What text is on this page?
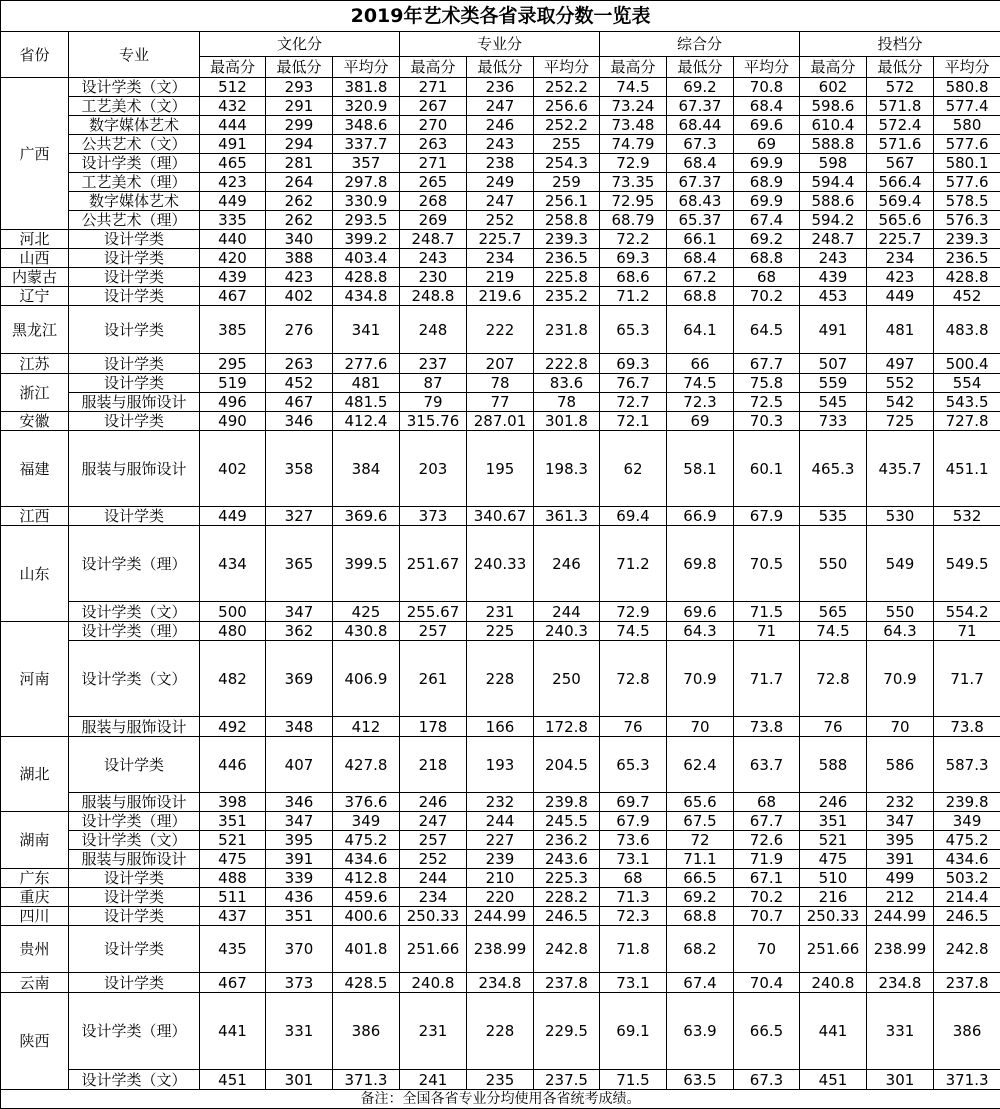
2019年艺术类各省录取分数一览表													
省份	专业	文化分			专业分			综合分			投档分		
		最高分	最低分	平均分	最高分	最低分	平均分	最高分	最低分	平均分	最高分	最低分	平均分
广西	设计学类（文）	512	293	381.8	271	236	252.2	74.5	69.2	70.8	602	572	580.8
	工艺美术（文）	432	291	320.9	267	247	256.6	73.24	67.37	68.4	598.6	571.8	577.4
	数字媒体艺术	444	299	348.6	270	246	252.2	73.48	68.44	69.6	610.4	572.4	580
	公共艺术（文）	491	294	337.7	263	243	255	74.79	67.3	69	588.8	571.6	577.6
	设计学类（理）	465	281	357	271	238	254.3	72.9	68.4	69.9	598	567	580.1
	工艺美术（理）	423	264	297.8	265	249	259	73.35	67.37	68.9	594.4	566.4	577.6
	数字媒体艺术	449	262	330.9	268	247	256.1	72.95	68.43	69.9	588.6	569.4	578.5
	公共艺术（理）	335	262	293.5	269	252	258.8	68.79	65.37	67.4	594.2	565.6	576.3
河北	设计学类	440	340	399.2	248.7	225.7	239.3	72.2	66.1	69.2	248.7	225.7	239.3
山西	设计学类	420	388	403.4	243	234	236.5	69.3	68.4	68.8	243	234	236.5
内蒙古	设计学类	439	423	428.8	230	219	225.8	68.6	67.2	68	439	423	428.8
辽宁	设计学类	467	402	434.8	248.8	219.6	235.2	71.2	68.8	70.2	453	449	452
黑龙江	设计学类	385	276	341	248	222	231.8	65.3	64.1	64.5	491	481	483.8
江苏	设计学类	295	263	277.6	237	207	222.8	69.3	66	67.7	507	497	500.4
浙江	设计学类	519	452	481	87	78	83.6	76.7	74.5	75.8	559	552	554
	服装与服饰设计	496	467	481.5	79	77	78	72.7	72.3	72.5	545	542	543.5
安徽	设计学类	490	346	412.4	315.76	287.01	301.8	72.1	69	70.3	733	725	727.8
福建	服装与服饰设计	402	358	384	203	195	198.3	62	58.1	60.1	465.3	435.7	451.1
江西	设计学类	449	327	369.6	373	340.67	361.3	69.4	66.9	67.9	535	530	532
山东	设计学类（理）	434	365	399.5	251.67	240.33	246	71.2	69.8	70.5	550	549	549.5
	设计学类（文）	500	347	425	255.67	231	244	72.9	69.6	71.5	565	550	554.2
河南	设计学类（理）	480	362	430.8	257	225	240.3	74.5	64.3	71	74.5	64.3	71
	设计学类（文）	482	369	406.9	261	228	250	72.8	70.9	71.7	72.8	70.9	71.7
	服装与服饰设计	492	348	412	178	166	172.8	76	70	73.8	76	70	73.8
湖北	设计学类	446	407	427.8	218	193	204.5	65.3	62.4	63.7	588	586	587.3
	服装与服饰设计	398	346	376.6	246	232	239.8	69.7	65.6	68	246	232	239.8
湖南	设计学类（理）	351	347	349	247	244	245.5	67.9	67.5	67.7	351	347	349
	设计学类（文）	521	395	475.2	257	227	236.2	73.6	72	72.6	521	395	475.2
	服装与服饰设计	475	391	434.6	252	239	243.6	73.1	71.1	71.9	475	391	434.6
广东	设计学类	488	339	412.8	244	210	225.3	68	66.5	67.1	510	499	503.2
重庆	设计学类	511	436	459.6	234	220	228.2	71.3	69.2	70.2	216	212	214.4
四川	设计学类	437	351	400.6	250.33	244.99	246.5	72.3	68.8	70.7	250.33	244.99	246.5
贵州	设计学类	435	370	401.8	251.66	238.99	242.8	71.8	68.2	70	251.66	238.99	242.8
云南	设计学类	467	373	428.5	240.8	234.8	237.8	73.1	67.4	70.4	240.8	234.8	237.8
陕西	设计学类（理）	441	331	386	231	228	229.5	69.1	63.9	66.5	441	331	386
	设计学类（文）	451	301	371.3	241	235	237.5	71.5	63.5	67.3	451	301	371.3
备注：全国各省专业分均使用各省统考成绩。													
